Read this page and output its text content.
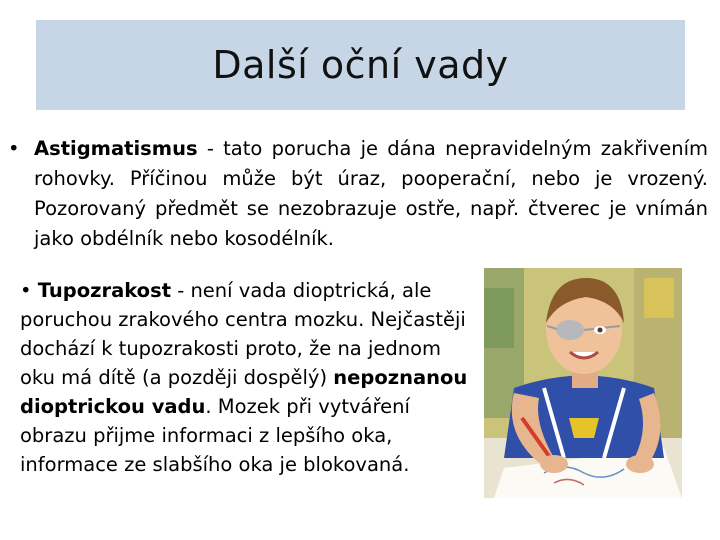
Další oční vady
• Astigmatismus - tato porucha je dána nepravidelným zakřivením rohovky. Příčinou může být úraz, pooperační, nebo je vrozený. Pozorovaný předmět se nezobrazuje ostře, např. čtverec je vnímán jako obdélník nebo kosodélník.
• Tupozrakost - není vada dioptrická, ale poruchou zrakového centra mozku. Nejčastěji dochází k tupozrakosti proto, že na jednom oku má dítě (a později dospělý) nepoznanou dioptrickou vadu. Mozek při vytváření obrazu přijme informaci z lepšího oka, informace ze slabšího oka je blokovaná.
